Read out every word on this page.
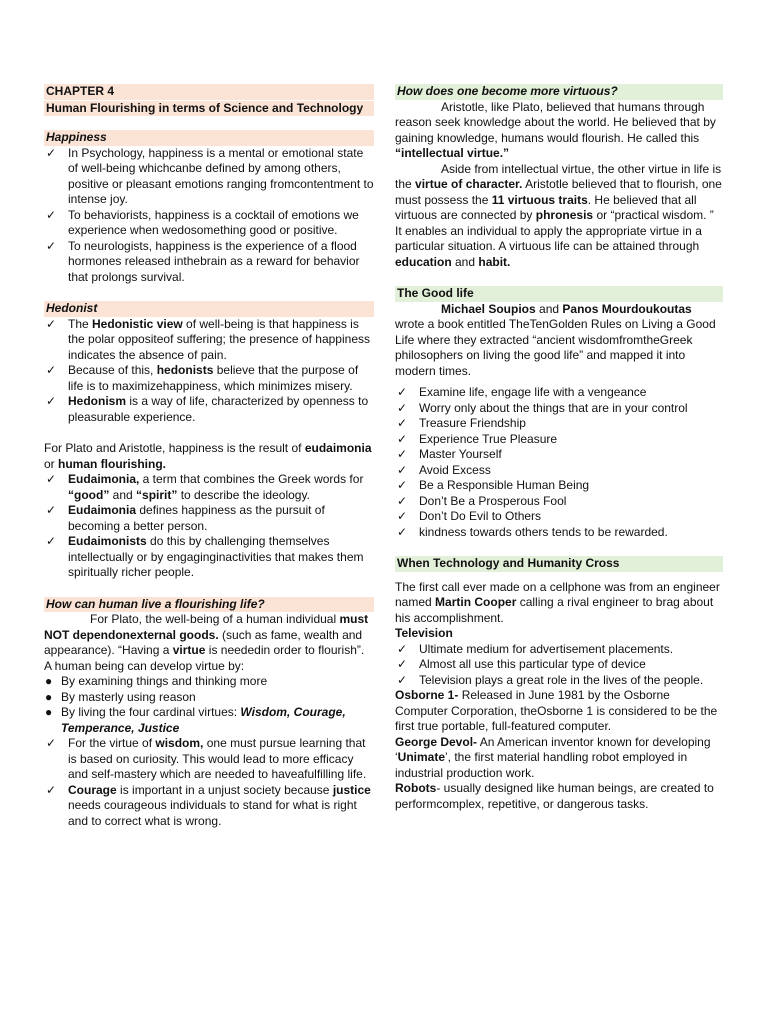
CHAPTER 4
Human Flourishing in terms of Science and Technology
Happiness
✓ In Psychology, happiness is a mental or emotional state of well-being whichcanbe defined by among others, positive or pleasant emotions ranging fromcontentment to intense joy.
✓ To behaviorists, happiness is a cocktail of emotions we experience when wedosomething good or positive.
✓ To neurologists, happiness is the experience of a flood hormones released inthebrain as a reward for behavior that prolongs survival.
Hedonist
✓ The Hedonistic view of well-being is that happiness is the polar oppositeof suffering; the presence of happiness indicates the absence of pain.
✓ Because of this, hedonists believe that the purpose of life is to maximizehappiness, which minimizes misery.
✓ Hedonism is a way of life, characterized by openness to pleasurable experience.

For Plato and Aristotle, happiness is the result of eudaimonia or human flourishing.

✓ Eudaimonia, a term that combines the Greek words for “good” and “spirit” to describe the ideology.
✓ Eudaimonia defines happiness as the pursuit of becoming a better person.
✓ Eudaimonists do this by challenging themselves intellectually or by engaginginactivities that makes them spiritually richer people.
How can human live a flourishing life?

For Plato, the well-being of a human individual must NOT dependonexternal goods. (such as fame, wealth and appearance). “Having a virtue is neededin order to flourish”.

A human being can develop virtue by:

● By examining things and thinking more
● By masterly using reason
● By living the four cardinal virtues: Wisdom, Courage, Temperance, Justice
✓ For the virtue of wisdom, one must pursue learning that is based on curiosity. This would lead to more efficacy and self-mastery which are needed to haveafulfilling life.
✓ Courage is important in a unjust society because justice needs courageous individuals to stand for what is right and to correct what is wrong.
How does one become more virtuous?

Aristotle, like Plato, believed that humans through reason seek knowledge about the world. He believed that by gaining knowledge, humans would flourish. He called this “intellectual virtue.”

Aside from intellectual virtue, the other virtue in life is the virtue of character. Aristotle believed that to flourish, one must possess the 11 virtuous traits. He believed that all virtuous are connected by phronesis or “practical wisdom. ” It enables an individual to apply the appropriate virtue in a particular situation. A virtuous life can be attained through education and habit.

The Good life

Michael Soupios and Panos Mourdoukoutas wrote a book entitled TheTenGolden Rules on Living a Good Life where they extracted “ancient wisdomfromtheGreek philosophers on living the good life” and mapped it into modern times.

✓ Examine life, engage life with a vengeance
✓ Worry only about the things that are in your control
✓ Treasure Friendship
✓ Experience True Pleasure
✓ Master Yourself
✓ Avoid Excess
✓ Be a Responsible Human Being
✓ Don’t Be a Prosperous Fool
✓ Don’t Do Evil to Others
✓ kindness towards others tends to be rewarded.
When Technology and Humanity Cross

The first call ever made on a cellphone was from an engineer named Martin Cooper calling a rival engineer to brag about his accomplishment.

Television

✓ Ultimate medium for advertisement placements.
✓ Almost all use this particular type of device
✓ Television plays a great role in the lives of the people.

Osborne 1- Released in June 1981 by the Osborne Computer Corporation, theOsborne 1 is considered to be the first true portable, full-featured computer.

George Devol- An American inventor known for developing ‘Unimate’, the first material handling robot employed in industrial production work.

Robots- usually designed like human beings, are created to performcomplex, repetitive, or dangerous tasks.
